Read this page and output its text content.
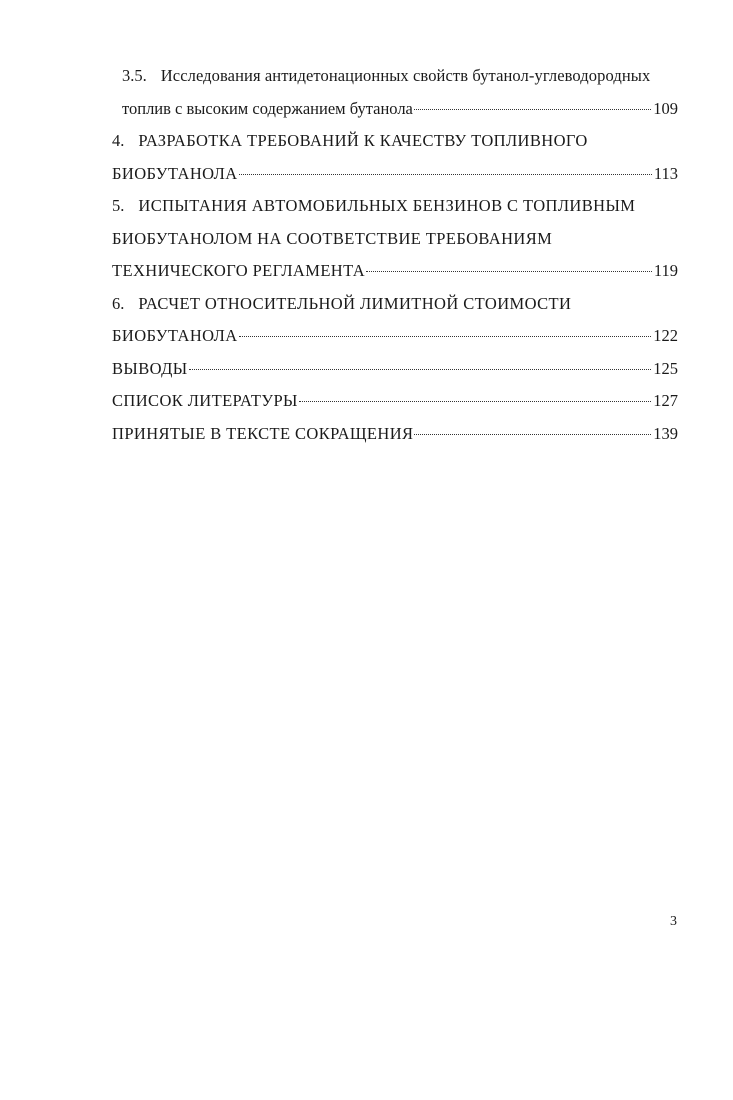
3.5. Исследования антидетонационных свойств бутанол-углеводородных
топлив с высоким содержанием бутанола	109
4. РАЗРАБОТКА ТРЕБОВАНИЙ К КАЧЕСТВУ ТОПЛИВНОГО
БИОБУТАНОЛА	113
5. ИСПЫТАНИЯ АВТОМОБИЛЬНЫХ БЕНЗИНОВ С ТОПЛИВНЫМ
БИОБУТАНОЛОМ НА СООТВЕТСТВИЕ ТРЕБОВАНИЯМ
ТЕХНИЧЕСКОГО РЕГЛАМЕНТА	119
6. РАСЧЕТ ОТНОСИТЕЛЬНОЙ ЛИМИТНОЙ СТОИМОСТИ
БИОБУТАНОЛА	122
ВЫВОДЫ	125
СПИСОК ЛИТЕРАТУРЫ	127
ПРИНЯТЫЕ В ТЕКСТЕ СОКРАЩЕНИЯ	139
3
